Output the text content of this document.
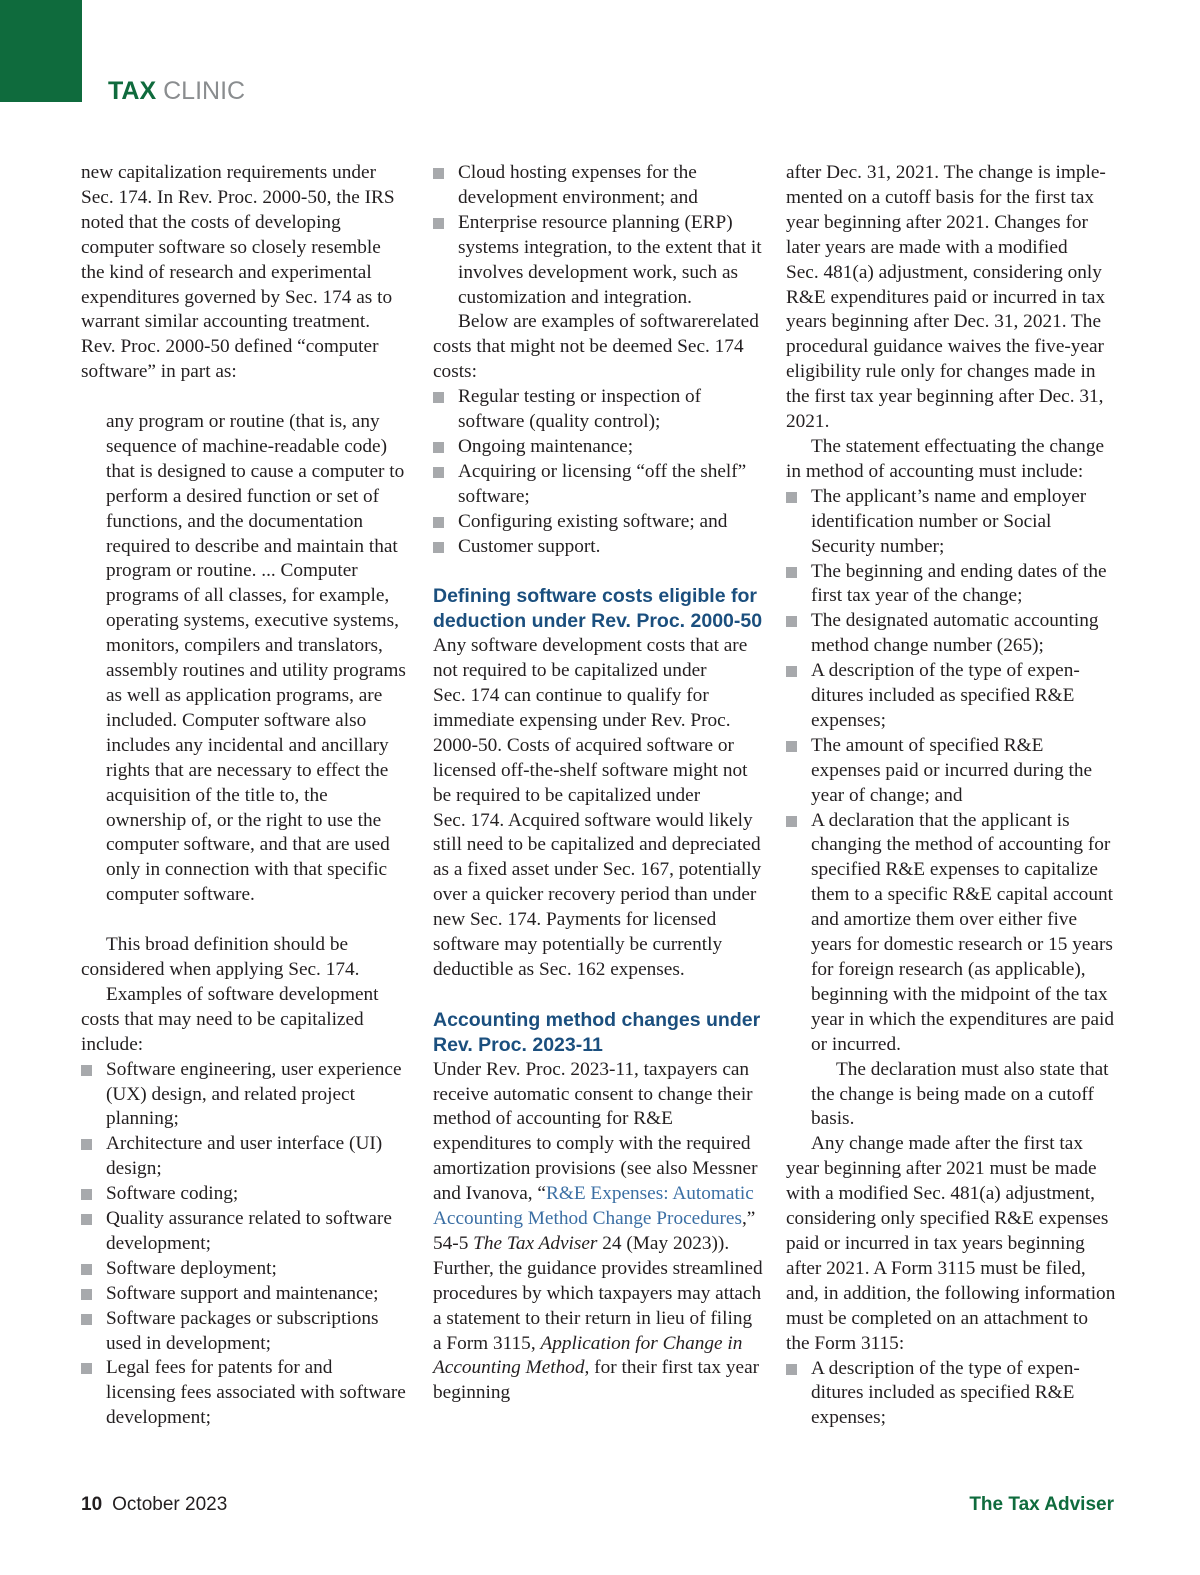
TAX CLINIC

new capitalization requirements under Sec. 174. In Rev. Proc. 2000‑50, the IRS noted that the costs of developing computer software so closely resemble the kind of research and experimental expenditures governed by Sec. 174 as to warrant similar accounting treatment. Rev. Proc. 2000‑50 defined “computer software” in part as:

any program or routine (that is, any sequence of machine-readable code) that is designed to cause a computer to perform a desired function or set of functions, and the documentation required to describe and maintain that program or routine. ... Computer programs of all classes, for example, operating systems, executive systems, monitors, compilers and translators, assembly routines and utility programs as well as application programs, are included. Computer software also includes any incidental and ancillary rights that are necessary to effect the acquisition of the title to, the ownership of, or the right to use the computer software, and that are used only in connection with that specific computer software.

This broad definition should be considered when applying Sec. 174.

Examples of software development costs that may need to be capitalized include:

Software engineering, user experience (UX) design, and related project planning;
Architecture and user interface (UI) design;
Software coding;
Quality assurance related to software development;
Software deployment;
Software support and maintenance;
Software packages or subscriptions used in development;
Legal fees for patents for and licensing fees associated with software development;
Cloud hosting expenses for the development environment; and
Enterprise resource planning (ERP) systems integration, to the extent that it involves development work, such as customization and integration.

Below are examples of softwarerelated costs that might not be deemed Sec. 174 costs:

Regular testing or inspection of software (quality control);
Ongoing maintenance;
Acquiring or licensing “off the shelf” software;
Configuring existing software; and
Customer support.
Defining software costs eligible for deduction under Rev. Proc. 2000-50

Any software development costs that are not required to be capitalized under Sec. 174 can continue to qualify for immediate expensing under Rev. Proc. 2000‑50. Costs of acquired software or licensed off‑the‑shelf software might not be required to be capitalized under Sec. 174. Acquired software would likely still need to be capitalized and depreciated as a fixed asset under Sec. 167, potentially over a quicker recovery period than under new Sec. 174. Payments for licensed software may potentially be currently deductible as Sec. 162 expenses.

Accounting method changes under Rev. Proc. 2023-11

Under Rev. Proc. 2023‑11, taxpayers can receive automatic consent to change their method of accounting for R&E expenditures to comply with the required amortization provisions (see also Messner and Ivanova, “R&E Expenses: Automatic Accounting Method Change Procedures,” 54‑5 The Tax Adviser 24 (May 2023)). Further, the guidance provides streamlined procedures by which taxpayers may attach a statement to their return in lieu of filing a Form 3115, Application for Change in Accounting Method, for their first tax year beginning

after Dec. 31, 2021. The change is implemented on a cutoff basis for the first tax year beginning after 2021. Changes for later years are made with a modified Sec. 481(a) adjustment, considering only R&E expenditures paid or incurred in tax years beginning after Dec. 31, 2021. The procedural guidance waives the five-year eligibility rule only for changes made in the first tax year beginning after Dec. 31, 2021.

The statement effectuating the change in method of accounting must include:

The applicant’s name and employer identification number or Social Security number;
The beginning and ending dates of the first tax year of the change;
The designated automatic accounting method change number (265);
A description of the type of expenditures included as specified R&E expenses;
The amount of specified R&E expenses paid or incurred during the year of change; and
A declaration that the applicant is changing the method of accounting for specified R&E expenses to capitalize them to a specific R&E capital account and amortize them over either five years for domestic research or 15 years for foreign research (as applicable), beginning with the midpoint of the tax year in which the expenditures are paid or incurred.

The declaration must also state that the change is being made on a cutoff basis.

Any change made after the first tax year beginning after 2021 must be made with a modified Sec. 481(a) adjustment, considering only specified R&E expenses paid or incurred in tax years beginning after 2021. A Form 3115 must be filed, and, in addition, the following information must be completed on an attachment to the Form 3115:

A description of the type of expenditures included as specified R&E expenses;
10 October 2023	The Tax Adviser
